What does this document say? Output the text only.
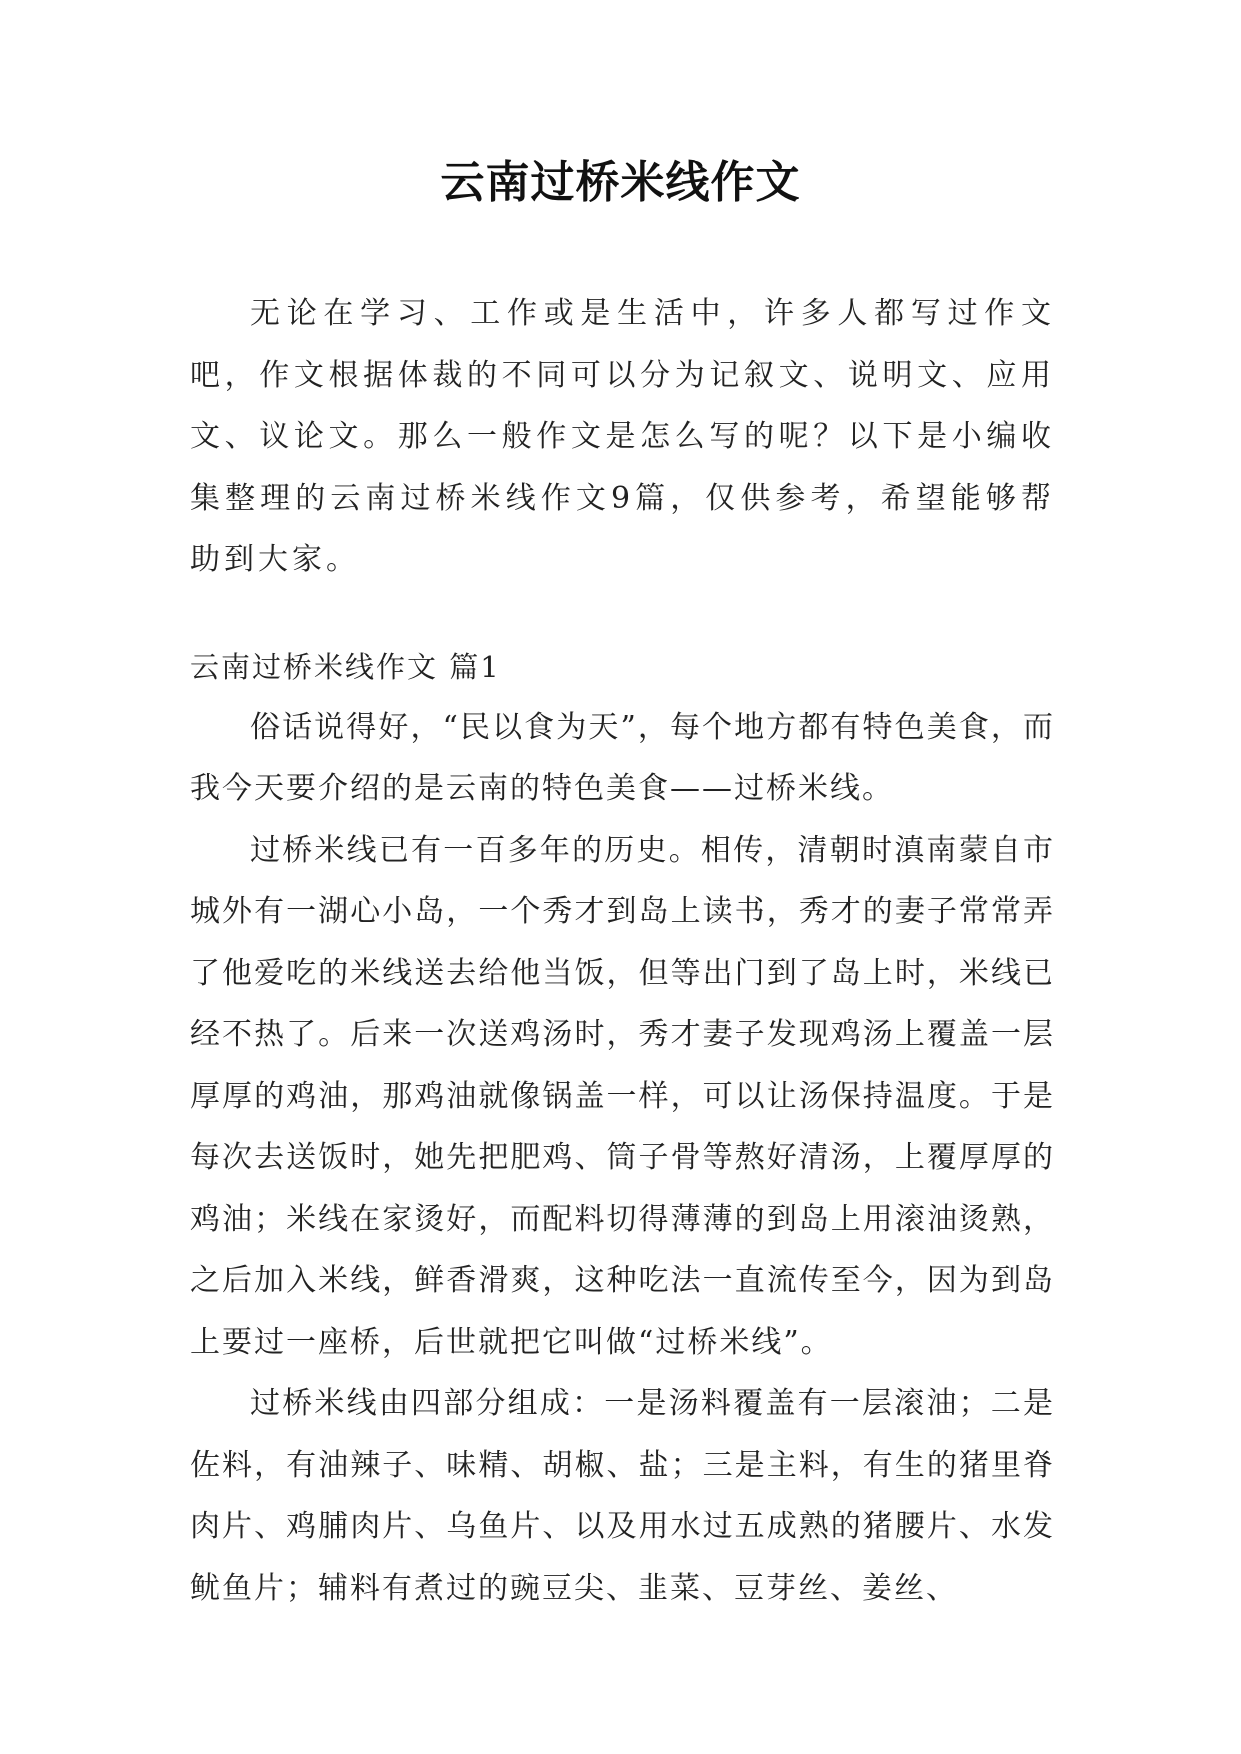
云南过桥米线作文

无论在学习、工作或是生活中，许多人都写过作文吧，作文根据体裁的不同可以分为记叙文、说明文、应用文、议论文。那么一般作文是怎么写的呢？以下是小编收集整理的云南过桥米线作文9篇，仅供参考，希望能够帮助到大家。

云南过桥米线作文 篇1

俗话说得好，“民以食为天”，每个地方都有特色美食，而我今天要介绍的是云南的特色美食——过桥米线。

过桥米线已有一百多年的历史。相传，清朝时滇南蒙自市城外有一湖心小岛，一个秀才到岛上读书，秀才的妻子常常弄了他爱吃的米线送去给他当饭，但等出门到了岛上时，米线已经不热了。后来一次送鸡汤时，秀才妻子发现鸡汤上覆盖一层厚厚的鸡油，那鸡油就像锅盖一样，可以让汤保持温度。于是每次去送饭时，她先把肥鸡、筒子骨等熬好清汤，上覆厚厚的鸡油；米线在家烫好，而配料切得薄薄的到岛上用滚油烫熟，之后加入米线，鲜香滑爽，这种吃法一直流传至今，因为到岛上要过一座桥，后世就把它叫做“过桥米线”。

过桥米线由四部分组成：一是汤料覆盖有一层滚油；二是佐料，有油辣子、味精、胡椒、盐；三是主料，有生的猪里脊肉片、鸡脯肉片、乌鱼片、以及用水过五成熟的猪腰片、水发鱿鱼片；辅料有煮过的豌豆尖、韭菜、豆芽丝、姜丝、
